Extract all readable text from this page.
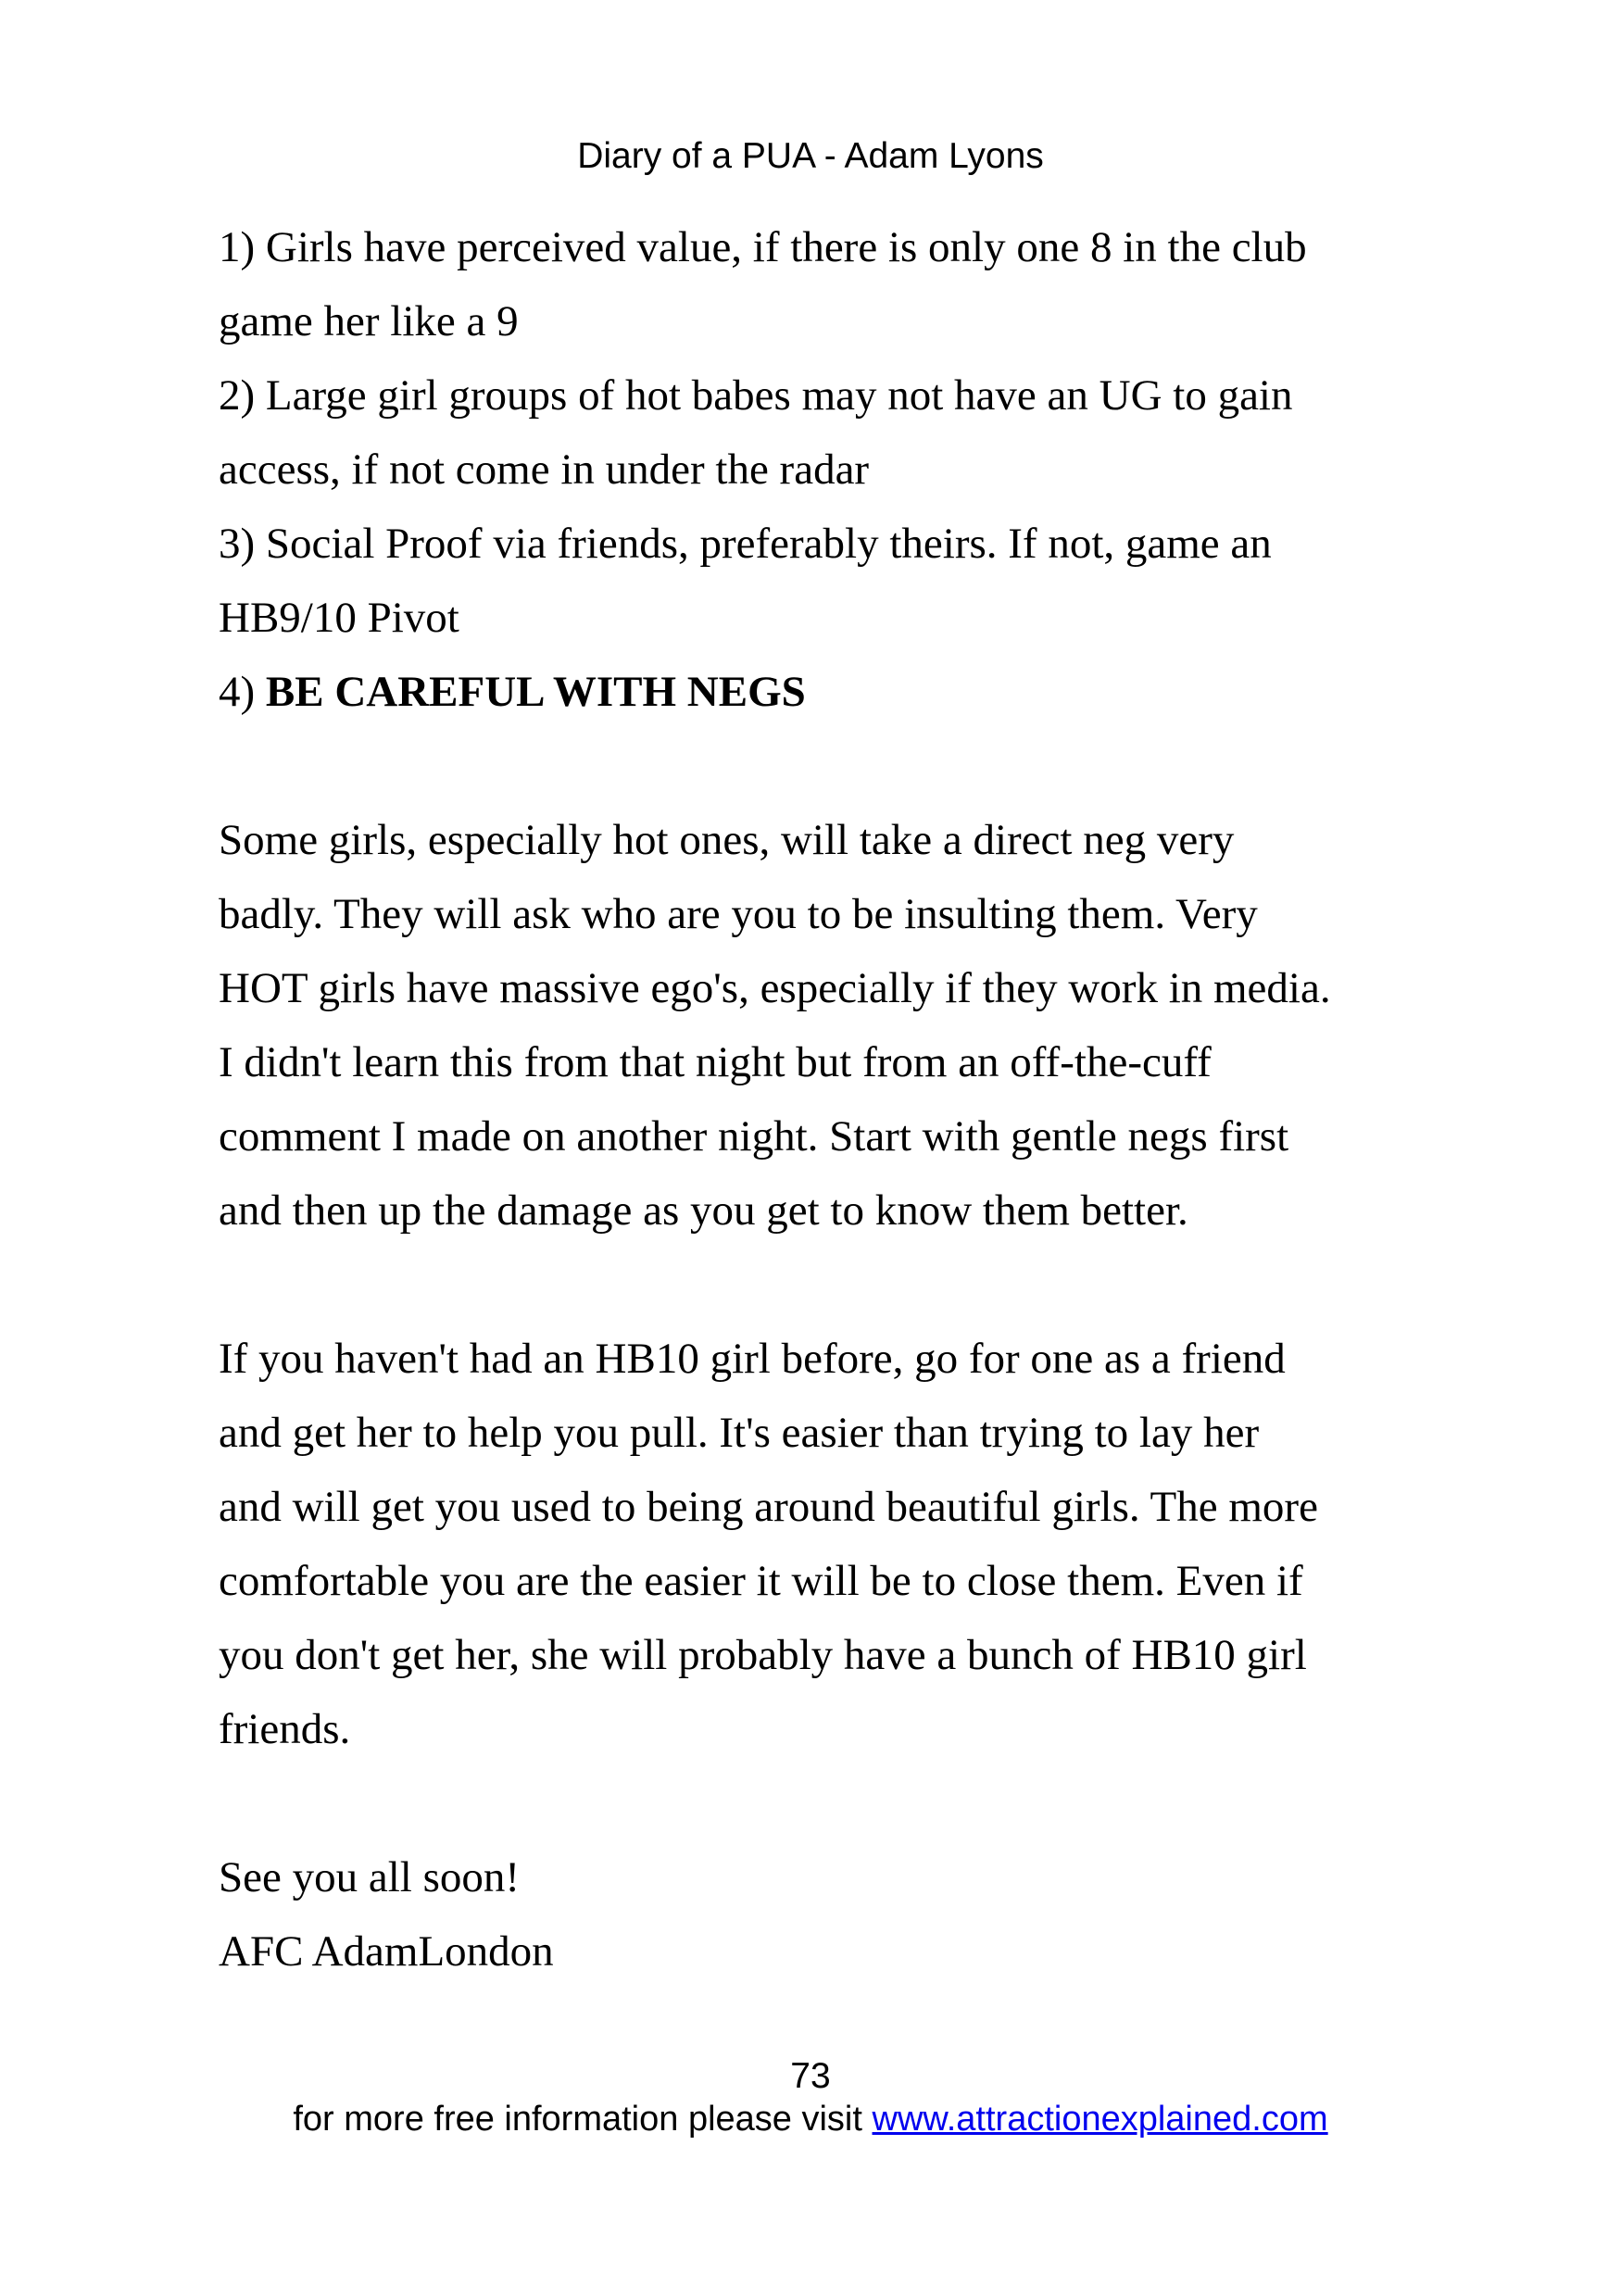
Diary of a PUA - Adam Lyons
1) Girls have perceived value, if there is only one 8 in the club
game her like a 9
2) Large girl groups of hot babes may not have an UG to gain
access, if not come in under the radar
3) Social Proof via friends, preferably theirs. If not, game an
HB9/10 Pivot
4) BE CAREFUL WITH NEGS
Some girls, especially hot ones, will take a direct neg very
badly. They will ask who are you to be insulting them. Very
HOT girls have massive ego's, especially if they work in media.
I didn't learn this from that night but from an off-the-cuff
comment I made on another night. Start with gentle negs first
and then up the damage as you get to know them better.
If you haven't had an HB10 girl before, go for one as a friend
and get her to help you pull. It's easier than trying to lay her
and will get you used to being around beautiful girls. The more
comfortable you are the easier it will be to close them. Even if
you don't get her, she will probably have a bunch of HB10 girl
friends.
See you all soon!
AFC AdamLondon
73
for more free information please visit www.attractionexplained.com
